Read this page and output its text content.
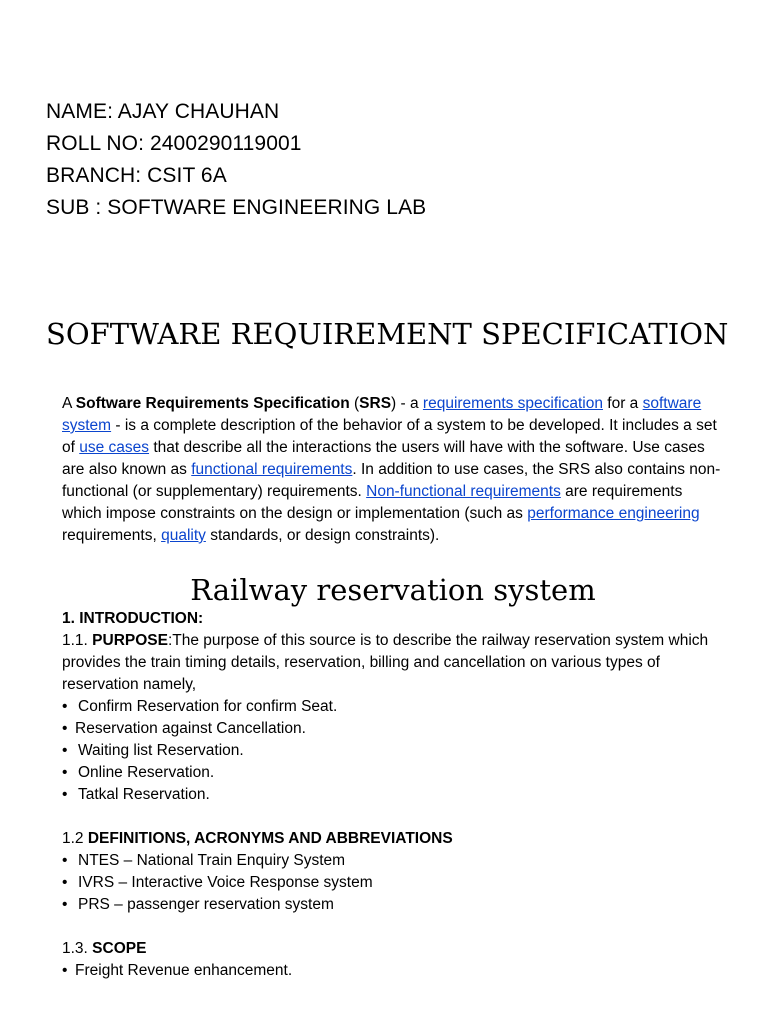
NAME: AJAY CHAUHAN
ROLL NO: 2400290119001
BRANCH: CSIT 6A
SUB : SOFTWARE ENGINEERING LAB
SOFTWARE REQUIREMENT SPECIFICATION

A Software Requirements Specification (SRS) - a requirements specification for a software system - is a complete description of the behavior of a system to be developed. It includes a set of use cases that describe all the interactions the users will have with the software. Use cases are also known as functional requirements. In addition to use cases, the SRS also contains non-functional (or supplementary) requirements. Non-functional requirements are requirements which impose constraints on the design or implementation (such as performance engineering requirements, quality standards, or design constraints).

Railway reservation system
1. INTRODUCTION:
1.1. PURPOSE:The purpose of this source is to describe the railway reservation system which provides the train timing details, reservation, billing and cancellation on various types of reservation namely,
• Confirm Reservation for confirm Seat.
• Reservation against Cancellation.
• Waiting list Reservation.
• Online Reservation.
• Tatkal Reservation.
1.2 DEFINITIONS, ACRONYMS AND ABBREVIATIONS
• NTES – National Train Enquiry System
• IVRS – Interactive Voice Response system
• PRS – passenger reservation system
1.3. SCOPE
• Freight Revenue enhancement.
